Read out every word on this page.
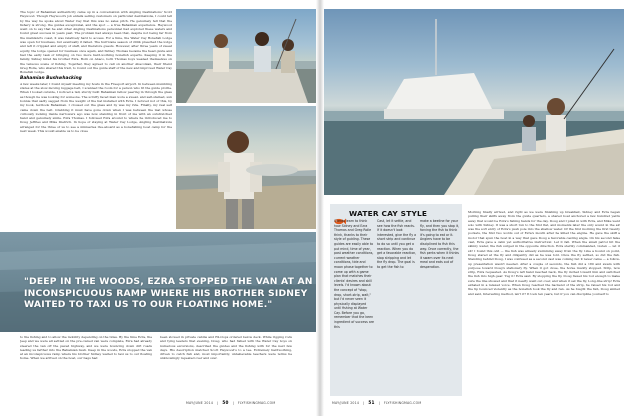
The topic of Bahamian authenticity came up in a conversation with Angling Destinations' Scott Heywood. Though Heywood's job entails selling customers on particular destinations, I could tell by the way he spoke about Water Cay that this was no sales pitch. He genuinely felt that the fishery is strong, the guides exceptional, and the spot — a true Bahamian experience. Heywood went on to say that he and other Angling Destinations personnel had explored these waters and found great success in years past. The problem had always been that, despite not being far from the mainland's coast, it was relatively hard to access. For a time, the Water Cay Bonefish Lodge was open for business, but eventually it failed. The hurricane season of 2004 preached the lodge and left it crippled and empty of staff, and therefore guests. However, after three years of sweat equity, the lodge opened for business once again, and Sidney Thomas became the head guide and had the early task of bringing on two more hard-working bonefish experts. Keeping it in the family, Sidney hired his brother Ezra. Born on Abaco, both Thomas boys weaned themselves on the tenuous scene of fishing. Together, they agreed to call on another Abaconian, their friend Greg Rolle, who shared this trait, to round out the guide staff of the new and improved Water Cay Bonefish Lodge.
Bahamian Bushwhacking
A few weeks later, I found myself meeting my hosts in the Freeport airport. In between mumbling stares at the slow-moving luggage belt, I scanned the room for a person who fit the guide profile. When I looked outside, I noticed a tall, sturdy built Bahamian fellow peering in through the glass as though he was looking for someone. The scruffy faced man wore a sweat- and salt-stained, sun bonnie that sadly sagged from the weight of the hat installed with Ezra. I noticed not of this, by my book, textbook Bahamian. I crossed out the glass and by was my ride. Finally, my real self came down the belt. Grabbing it must have gone down when I was between the mat whose curiously looking inside narrowers ago was now standing in front of me with an outstretched hand and genuinely smile. Ezra Thomas. I followed Ezra around to where he introduced me to Doug Jeffries and Mike Dietrich. In hope of staying at Water Cay Lodge, Angling Destinations arranged for the three of us to see a miniseries live-aboard as a bonefishing boat camp for the next week. This would enable us to be close
"DEEP IN THE WOODS, EZRA STOPPED THE VAN AT AN INCONSPICUOUS RAMP WHERE HIS BROTHER SIDNEY WAITED TO TAXI US TO OUR FLOATING HOME."
to the fishing and to allow the mobility depending on the tides. By the time Ezra, the Jeep and we were all settled on the pre-owned van were complete, Ezra had already steered the van off the paved highway, and we were bouncing down dirt roads leading us farther into the Bahamian bush. Deep in the woods, Ezra stopped the van at an inconspicuous ramp where his brother Sidney waited to taxi us to our floating home. When we arrived on the boat, our bags had
been stowed in private cabins and Eli-Oops ordered below deck. While rigging rods and tying leaders that evening, Doug, who had fished with the Water Cay boys on numerous excursions, described the guides and the fishing with for the next few days. His description matched Scott Heywood's to a tee. Extremely hardworking, driven to catch fish and, most importantly, unbelievable teachers were terms he unknowingly repeated over and over.
WATER CAY STYLE
Clients learn to think how Sidney and Ezra Thomas and Greg Rolle think, thanks to their style of guiding. These guides are easily able to put mind, time of year, past weather conditions, current weather conditions, tide and moon phase together to come up with a game plan that matches their clients' desires and skill levels. I'd known about the concept of "stop, drop, short-strip, wait," but I'd never seen it physically displayed until fishing at Water Cay. Before you go, remember that the keen ingredient of success are this
Cast, let it settle, and see how the fish reacts. If it doesn't look interested, give the fly a short strip and continue to do so until you get a reaction. When you do get a favorable reaction, stop stripping and let the fly drop. The goal is to get the fish to
make a beeline for your fly, and then you stop it, forcing the fish to think it's going to eat or it. Anglers have to be disciplined to fish this way. Once correctly, the fish perks when it thinks it swam over its next meal and eats out of desperation.
Morning finally arrived, and right as we were finishing up breakfast, Sidney and Ezra began pulling their skiffs away from the guide quarters, a shared boat anchored a few hundred yards away that would be Ezra's fishing hands for the day. Doug and I piled in with Ezra, and Mike went solo with Sidney. It was a short run to the first flat, and moments later the only sound in the air was the soft entry of Ezra's push pole into the shallow water. Of the first morning the first twenty pockets, the first two words out of Ezra's mouth after he killed the engine. He gave the skiff a motor that spun the boat in a way that gave Doug a favorable casting angle. On his second false cast, Ezra gave a calm yet authoritative instruction: Let it fall. When the small patrol hit the skinny water, the fish surged in the opposite direction. Ezra sternly commanded, Listen — let it sit! I found this odd — the fish was already swimming away from the fly. Like a hound on point, Doug stared at the fly and diligently did as he was told. Once the fly settled, so did the fish. Standing behind Doug, I was confused as a second cast was coming but it never came — a follow-up presentation wasn't needed. After a couple of seconds, the fish did a 180 and swam with purpose toward Doug's stationary fly. When it got close, the horse muddy stopped. Strip, now strip, Ezra requested. As Doug's left hand reached back, the fly inched toward him and switched the fish into high gear. Tug it! Ezra said. By stopping the fly, Doug flexed his rod enough to make sure the line showed and that it nearly went out over, and when it set the fly, Long-line strip! Ezra exhaled in a relaxed voice. When Doug reached the backend of the strip, he raised his rod and the tip bounced violently as the bonefish took the fly and ran. As he fought the fish, Doug smiled and said, Interesting method, isn't it? It took ten years, but if you can discipline yourself to
MAY/JUNE 2014 | 50 | FLYFISHINGMAG.COM	MAY/JUNE 2014 | 51 | FLYFISHINGMAG.COM
